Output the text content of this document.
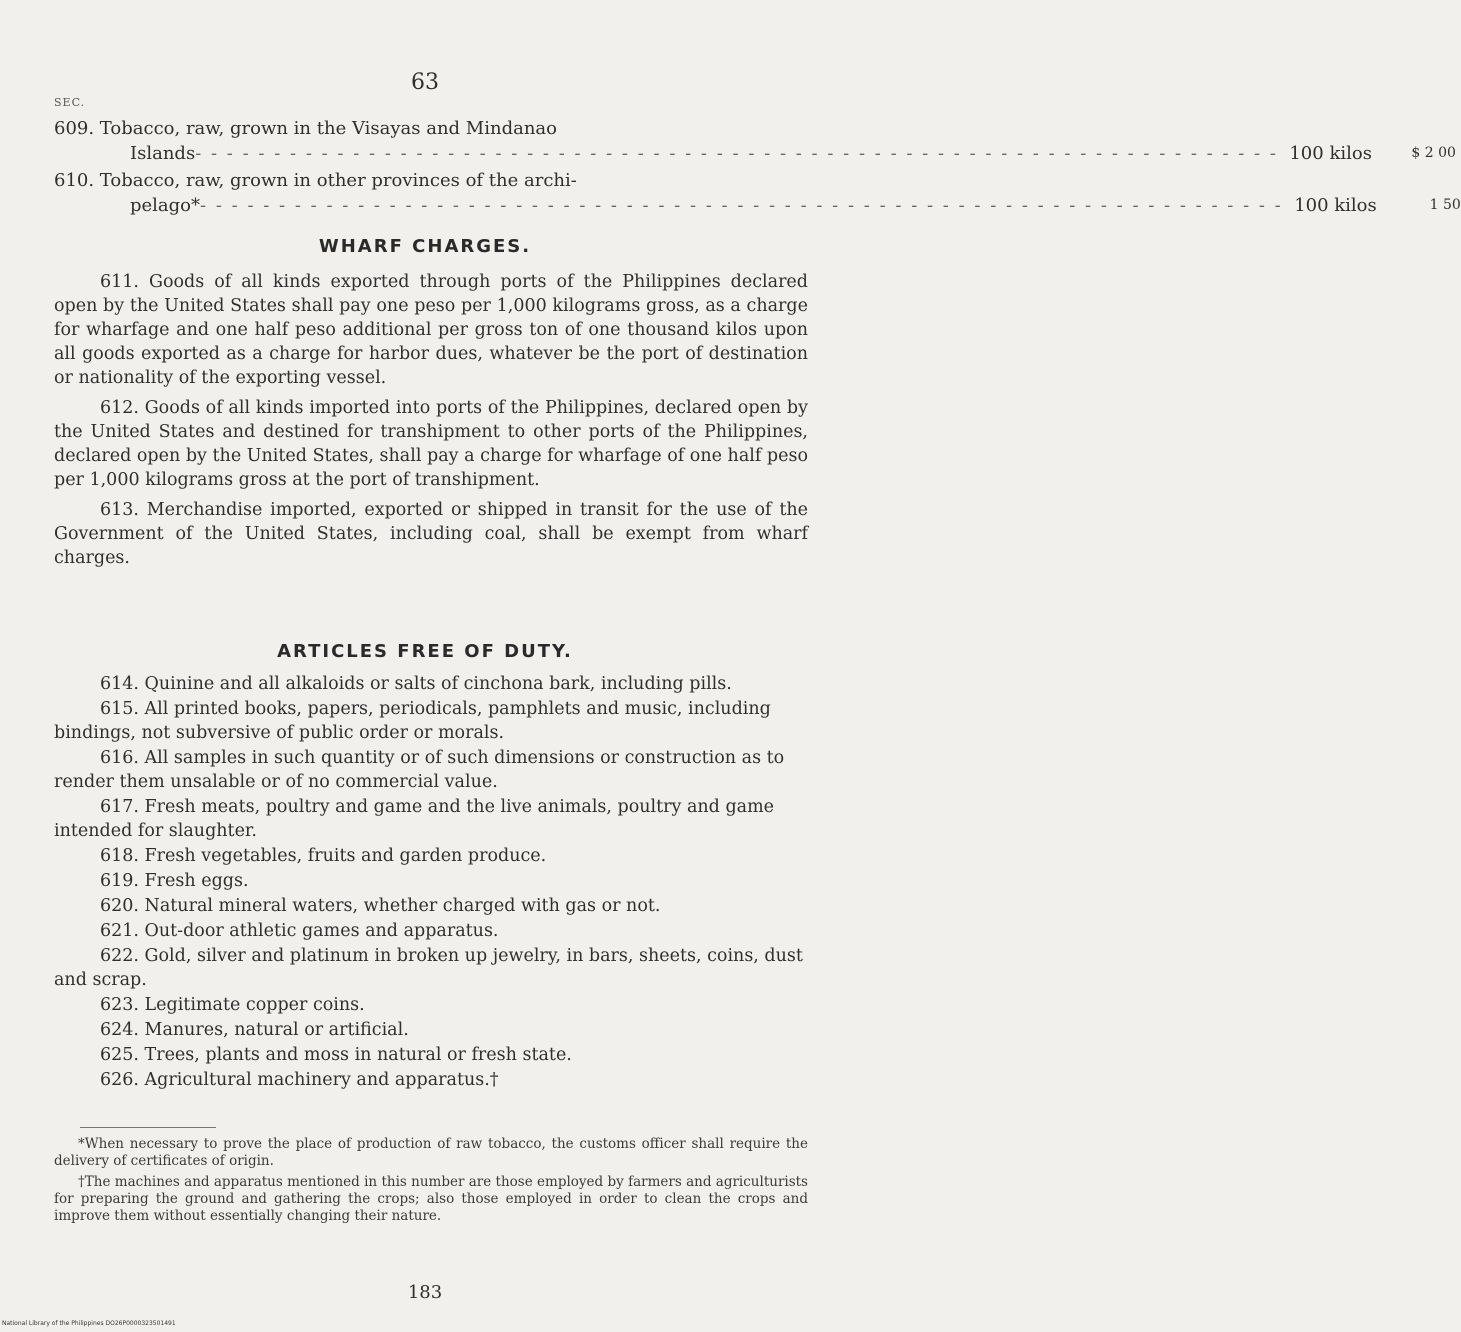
63
SEC.
609. Tobacco, raw, grown in the Visayas and Mindanao
Islands - - - - - - - - - - - - - - - - - - - - - - - - - - - - - - - - - - - - - - - - - - - - - - - - - - - - - - - - - - - - - - - - - - - - - 100 kilos	$ 2 00
610. Tobacco, raw, grown in other provinces of the archi-
pelago* - - - - - - - - - - - - - - - - - - - - - - - - - - - - - - - - - - - - - - - - - - - - - - - - - - - - - - - - - - - - - - - - - - - - - 100 kilos	1 50
WHARF CHARGES.

611. Goods of all kinds exported through ports of the Philippines declared open by the United States shall pay one peso per 1,000 kilograms gross, as a charge for wharfage and one half peso additional per gross ton of one thousand kilos upon all goods exported as a charge for harbor dues, whatever be the port of destination or nationality of the exporting vessel.

612. Goods of all kinds imported into ports of the Philippines, declared open by the United States and destined for transhipment to other ports of the Philippines, declared open by the United States, shall pay a charge for wharfage of one half peso per 1,000 kilograms gross at the port of transhipment.

613. Merchandise imported, exported or shipped in transit for the use of the Government of the United States, including coal, shall be exempt from wharf charges.

ARTICLES FREE OF DUTY.

614. Quinine and all alkaloids or salts of cinchona bark, including pills.

615. All printed books, papers, periodicals, pamphlets and music, including bindings, not subversive of public order or morals.

616. All samples in such quantity or of such dimensions or construction as to render them unsalable or of no commercial value.

617. Fresh meats, poultry and game and the live animals, poultry and game intended for slaughter.

618. Fresh vegetables, fruits and garden produce.

619. Fresh eggs.

620. Natural mineral waters, whether charged with gas or not.

621. Out-door athletic games and apparatus.

622. Gold, silver and platinum in broken up jewelry, in bars, sheets, coins, dust and scrap.

623. Legitimate copper coins.

624. Manures, natural or artificial.

625. Trees, plants and moss in natural or fresh state.

626. Agricultural machinery and apparatus.†

*When necessary to prove the place of production of raw tobacco, the customs officer shall require the delivery of certificates of origin.

†The machines and apparatus mentioned in this number are those employed by farmers and agriculturists for preparing the ground and gathering the crops; also those employed in order to clean the crops and improve them without essentially changing their nature.

183
National Library of the Philippines DO26P0000323501491
